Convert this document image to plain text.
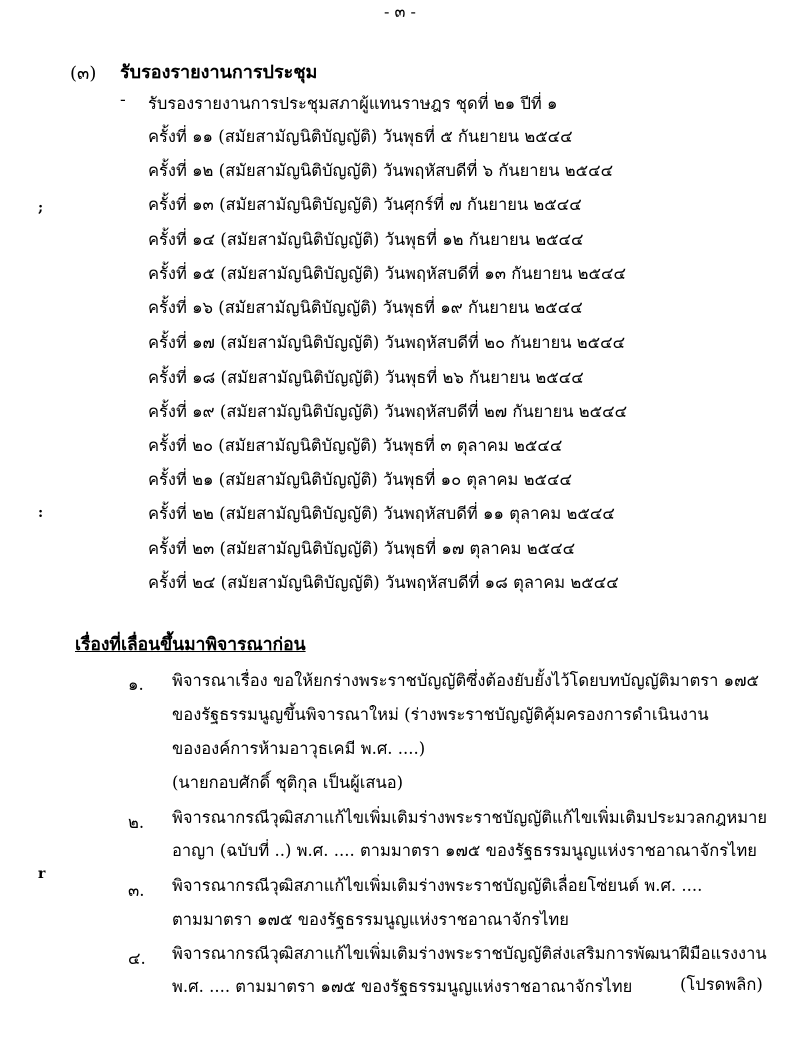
- ๓ -
(๓) รับรองรายงานการประชุม
- รับรองรายงานการประชุมสภาผู้แทนราษฎร ชุดที่ ๒๑ ปีที่ ๑
ครั้งที่ ๑๑ (สมัยสามัญนิติบัญญัติ) วันพุธที่ ๕ กันยายน ๒๕๔๔
ครั้งที่ ๑๒ (สมัยสามัญนิติบัญญัติ) วันพฤหัสบดีที่ ๖ กันยายน ๒๕๔๔
ครั้งที่ ๑๓ (สมัยสามัญนิติบัญญัติ) วันศุกร์ที่ ๗ กันยายน ๒๕๔๔
ครั้งที่ ๑๔ (สมัยสามัญนิติบัญญัติ) วันพุธที่ ๑๒ กันยายน ๒๕๔๔
ครั้งที่ ๑๕ (สมัยสามัญนิติบัญญัติ) วันพฤหัสบดีที่ ๑๓ กันยายน ๒๕๔๔
ครั้งที่ ๑๖ (สมัยสามัญนิติบัญญัติ) วันพุธที่ ๑๙ กันยายน ๒๕๔๔
ครั้งที่ ๑๗ (สมัยสามัญนิติบัญญัติ) วันพฤหัสบดีที่ ๒๐ กันยายน ๒๕๔๔
ครั้งที่ ๑๘ (สมัยสามัญนิติบัญญัติ) วันพุธที่ ๒๖ กันยายน ๒๕๔๔
ครั้งที่ ๑๙ (สมัยสามัญนิติบัญญัติ) วันพฤหัสบดีที่ ๒๗ กันยายน ๒๕๔๔
ครั้งที่ ๒๐ (สมัยสามัญนิติบัญญัติ) วันพุธที่ ๓ ตุลาคม ๒๕๔๔
ครั้งที่ ๒๑ (สมัยสามัญนิติบัญญัติ) วันพุธที่ ๑๐ ตุลาคม ๒๕๔๔
ครั้งที่ ๒๒ (สมัยสามัญนิติบัญญัติ) วันพฤหัสบดีที่ ๑๑ ตุลาคม ๒๕๔๔
ครั้งที่ ๒๓ (สมัยสามัญนิติบัญญัติ) วันพุธที่ ๑๗ ตุลาคม ๒๕๔๔
ครั้งที่ ๒๔ (สมัยสามัญนิติบัญญัติ) วันพฤหัสบดีที่ ๑๘ ตุลาคม ๒๕๔๔
เรื่องที่เลื่อนขึ้นมาพิจารณาก่อน
๑. พิจารณาเรื่อง ขอให้ยกร่างพระราชบัญญัติซึ่งต้องยับยั้งไว้โดยบทบัญญัติมาตรา ๑๗๕
ของรัฐธรรมนูญขึ้นพิจารณาใหม่ (ร่างพระราชบัญญัติคุ้มครองการดำเนินงาน
ขององค์การห้ามอาวุธเคมี พ.ศ. ....)
(นายกอบศักดิ์ ชุติกุล เป็นผู้เสนอ)
๒. พิจารณากรณีวุฒิสภาแก้ไขเพิ่มเติมร่างพระราชบัญญัติแก้ไขเพิ่มเติมประมวลกฎหมาย
อาญา (ฉบับที่ ..) พ.ศ. .... ตามมาตรา ๑๗๕ ของรัฐธรรมนูญแห่งราชอาณาจักรไทย
๓. พิจารณากรณีวุฒิสภาแก้ไขเพิ่มเติมร่างพระราชบัญญัติเลื่อยโซ่ยนต์ พ.ศ. ....
ตามมาตรา ๑๗๕ ของรัฐธรรมนูญแห่งราชอาณาจักรไทย
๔. พิจารณากรณีวุฒิสภาแก้ไขเพิ่มเติมร่างพระราชบัญญัติส่งเสริมการพัฒนาฝีมือแรงงาน
พ.ศ. .... ตามมาตรา ๑๗๕ ของรัฐธรรมนูญแห่งราชอาณาจักรไทย	(โปรดพลิก)
;
:
r
